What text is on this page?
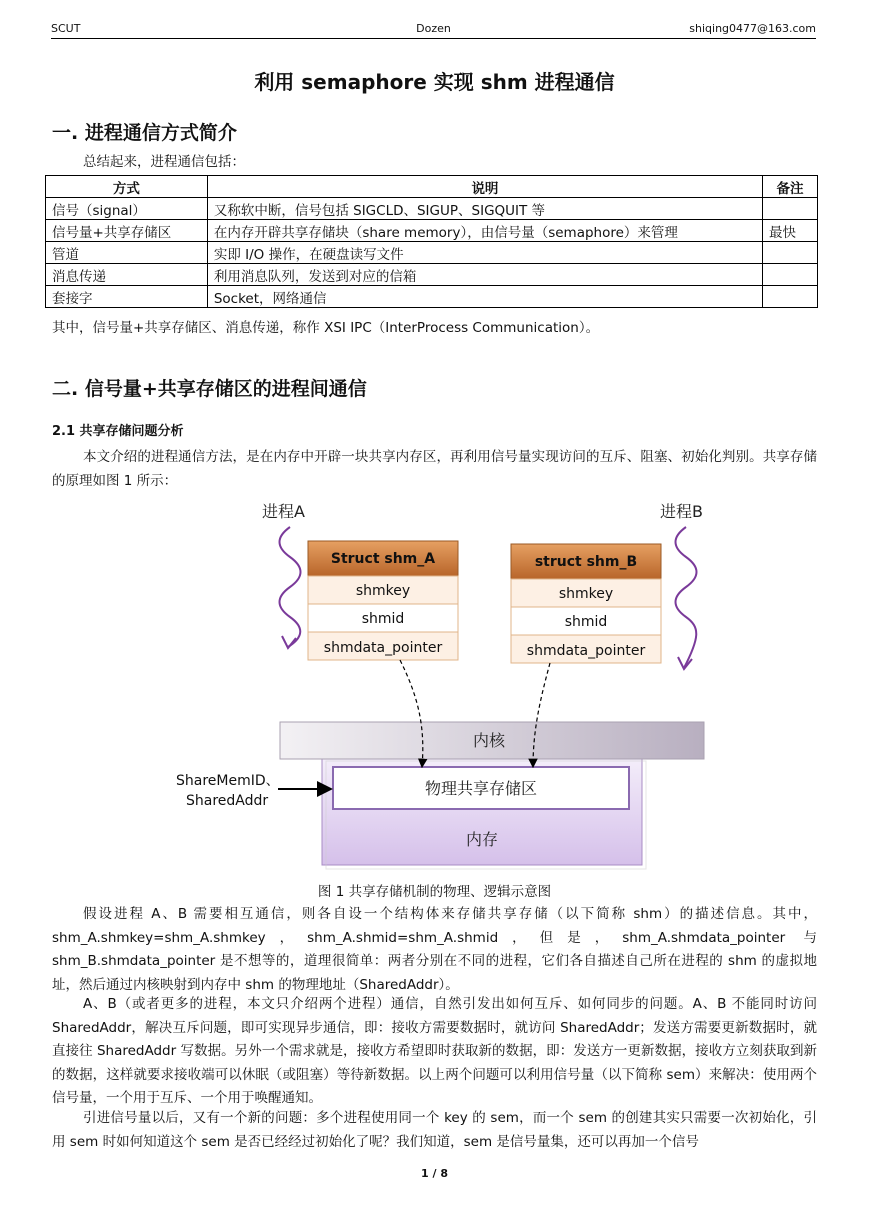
SCUT	Dozen	shiqing0477@163.com
利用 semaphore 实现 shm 进程通信
一. 进程通信方式简介
总结起来，进程通信包括：
方式	说明	备注
信号（signal）	又称软中断，信号包括 SIGCLD、SIGUP、SIGQUIT 等	
信号量+共享存储区	在内存开辟共享存储块（share memory），由信号量（semaphore）来管理	最快
管道	实即 I/O 操作，在硬盘读写文件	
消息传递	利用消息队列，发送到对应的信箱	
套接字	Socket，网络通信	
其中，信号量+共享存储区、消息传递，称作 XSI IPC（InterProcess Communication）。
二. 信号量+共享存储区的进程间通信
2.1 共享存储问题分析
本文介绍的进程通信方法，是在内存中开辟一块共享内存区，再利用信号量实现访问的互斥、阻塞、初始化判别。共享存储的原理如图 1 所示：
进程A	进程B
Struct shm_A
shmkey
shmid
shmdata_pointer
struct shm_B
shmkey
shmid
shmdata_pointer
内存
内核
物理共享存储区
ShareMemID、
SharedAddr
图 1 共享存储机制的物理、逻辑示意图
假设进程 A、B 需要相互通信，则各自设一个结构体来存储共享存储（以下简称 shm）的描述信息。其中，shm_A.shmkey=shm_A.shmkey，shm_A.shmid=shm_A.shmid，但是，shm_A.shmdata_pointer 与 shm_B.shmdata_pointer 是不想等的，道理很简单：两者分别在不同的进程，它们各自描述自己所在进程的 shm 的虚拟地址，然后通过内核映射到内存中 shm 的物理地址（SharedAddr）。
A、B（或者更多的进程，本文只介绍两个进程）通信，自然引发出如何互斥、如何同步的问题。A、B 不能同时访问 SharedAddr，解决互斥问题，即可实现异步通信，即：接收方需要数据时，就访问 SharedAddr；发送方需要更新数据时，就直接往 SharedAddr 写数据。另外一个需求就是，接收方希望即时获取新的数据，即：发送方一更新数据，接收方立刻获取到新的数据，这样就要求接收端可以休眠（或阻塞）等待新数据。以上两个问题可以利用信号量（以下简称 sem）来解决：使用两个信号量，一个用于互斥、一个用于唤醒通知。
引进信号量以后，又有一个新的问题：多个进程使用同一个 key 的 sem，而一个 sem 的创建其实只需要一次初始化，引用 sem 时如何知道这个 sem 是否已经经过初始化了呢？我们知道，sem 是信号量集，还可以再加一个信号
1 / 8
